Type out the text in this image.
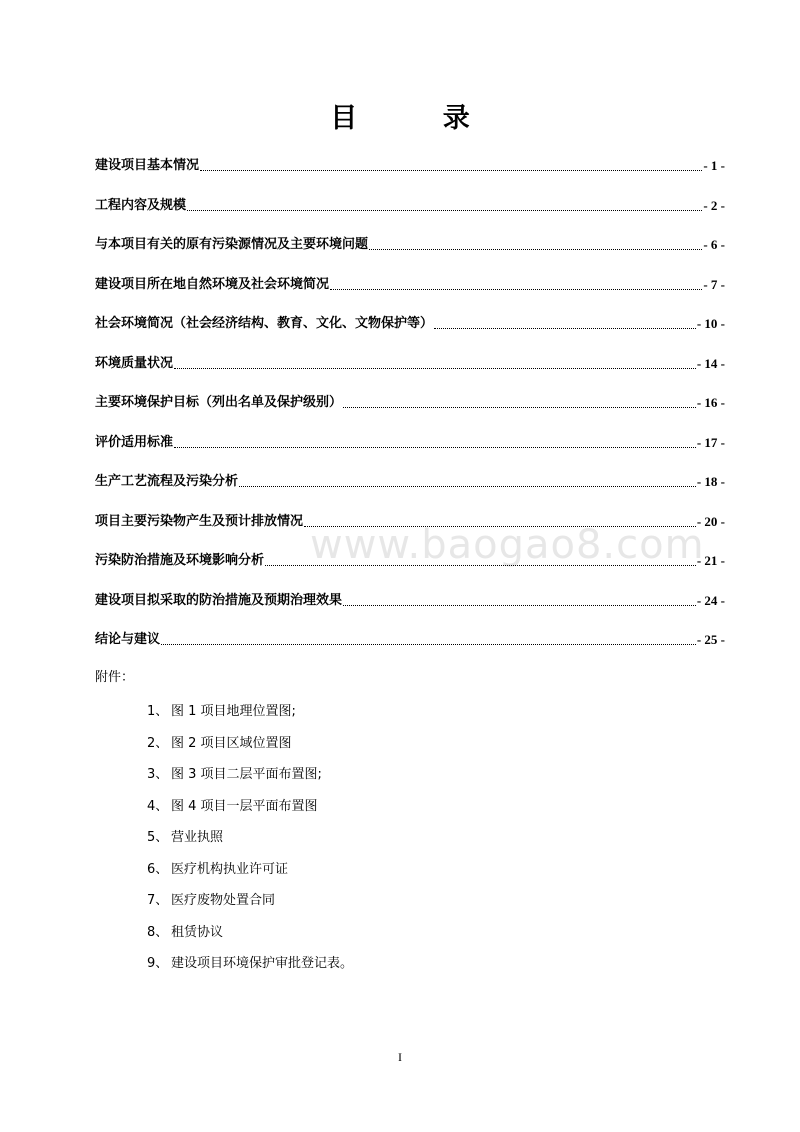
www.baogao8.com
目 录
建设项目基本情况	- 1 -
工程内容及规模	- 2 -
与本项目有关的原有污染源情况及主要环境问题	- 6 -
建设项目所在地自然环境及社会环境简况	- 7 -
社会环境简况（社会经济结构、教育、文化、文物保护等）	- 10 -
环境质量状况	- 14 -
主要环境保护目标（列出名单及保护级别）	- 16 -
评价适用标准	- 17 -
生产工艺流程及污染分析	- 18 -
项目主要污染物产生及预计排放情况	- 20 -
污染防治措施及环境影响分析	- 21 -
建设项目拟采取的防治措施及预期治理效果	- 24 -
结论与建议	- 25 -
附件：
1、 图 1 项目地理位置图;
2、 图 2 项目区域位置图
3、 图 3 项目二层平面布置图;
4、 图 4 项目一层平面布置图
5、 营业执照
6、 医疗机构执业许可证
7、 医疗废物处置合同
8、 租赁协议
9、 建设项目环境保护审批登记表。
I
